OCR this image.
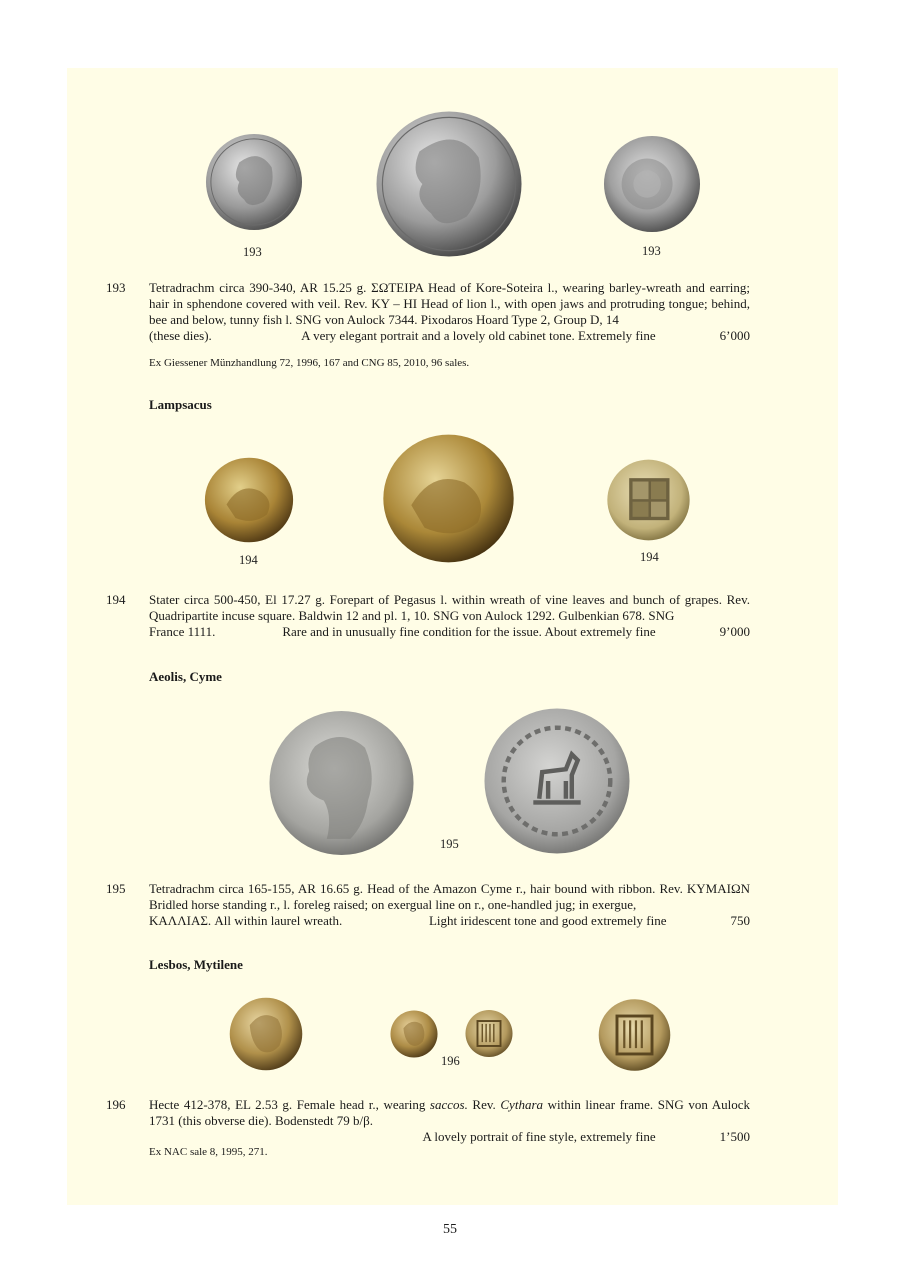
193	193
193 Tetradrachm circa 390-340, AR 15.25 g. ΣΩΤΕΙΡΑ Head of Kore-Soteira l., wearing barley-wreath and earring; hair in sphendone covered with veil. Rev. ΚΥ – ΗΙ Head of lion l., with open jaws and protruding tongue; behind, bee and below, tunny fish l. SNG von Aulock 7344. Pixodaros Hoard Type 2, Group D, 14

(these dies).	A very elegant portrait and a lovely old cabinet tone. Extremely fine	6’000
Ex Giessener Münzhandlung 72, 1996, 167 and CNG 85, 2010, 96 sales.
Lampsacus
194	194
194 Stater circa 500-450, El 17.27 g. Forepart of Pegasus l. within wreath of vine leaves and bunch of grapes. Rev. Quadripartite incuse square. Baldwin 12 and pl. 1, 10. SNG von Aulock 1292. Gulbenkian 678. SNG

France 1111.	Rare and in unusually fine condition for the issue. About extremely fine	9’000
Aeolis, Cyme
195
195 Tetradrachm circa 165-155, AR 16.65 g. Head of the Amazon Cyme r., hair bound with ribbon. Rev. ΚΥΜΑΙΩΝ Bridled horse standing r., l. foreleg raised; on exergual line on r., one-handled jug; in exergue,

ΚΑΛΛΙΑΣ. All within laurel wreath.	Light iridescent tone and good extremely fine	750
Lesbos, Mytilene
196
196 Hecte 412-378, EL 2.53 g. Female head r., wearing saccos. Rev. Cythara within linear frame. SNG von Aulock 1731 (this obverse die). Bodenstedt 79 b/β.

A lovely portrait of fine style, extremely fine	1’500
Ex NAC sale 8, 1995, 271.
55
